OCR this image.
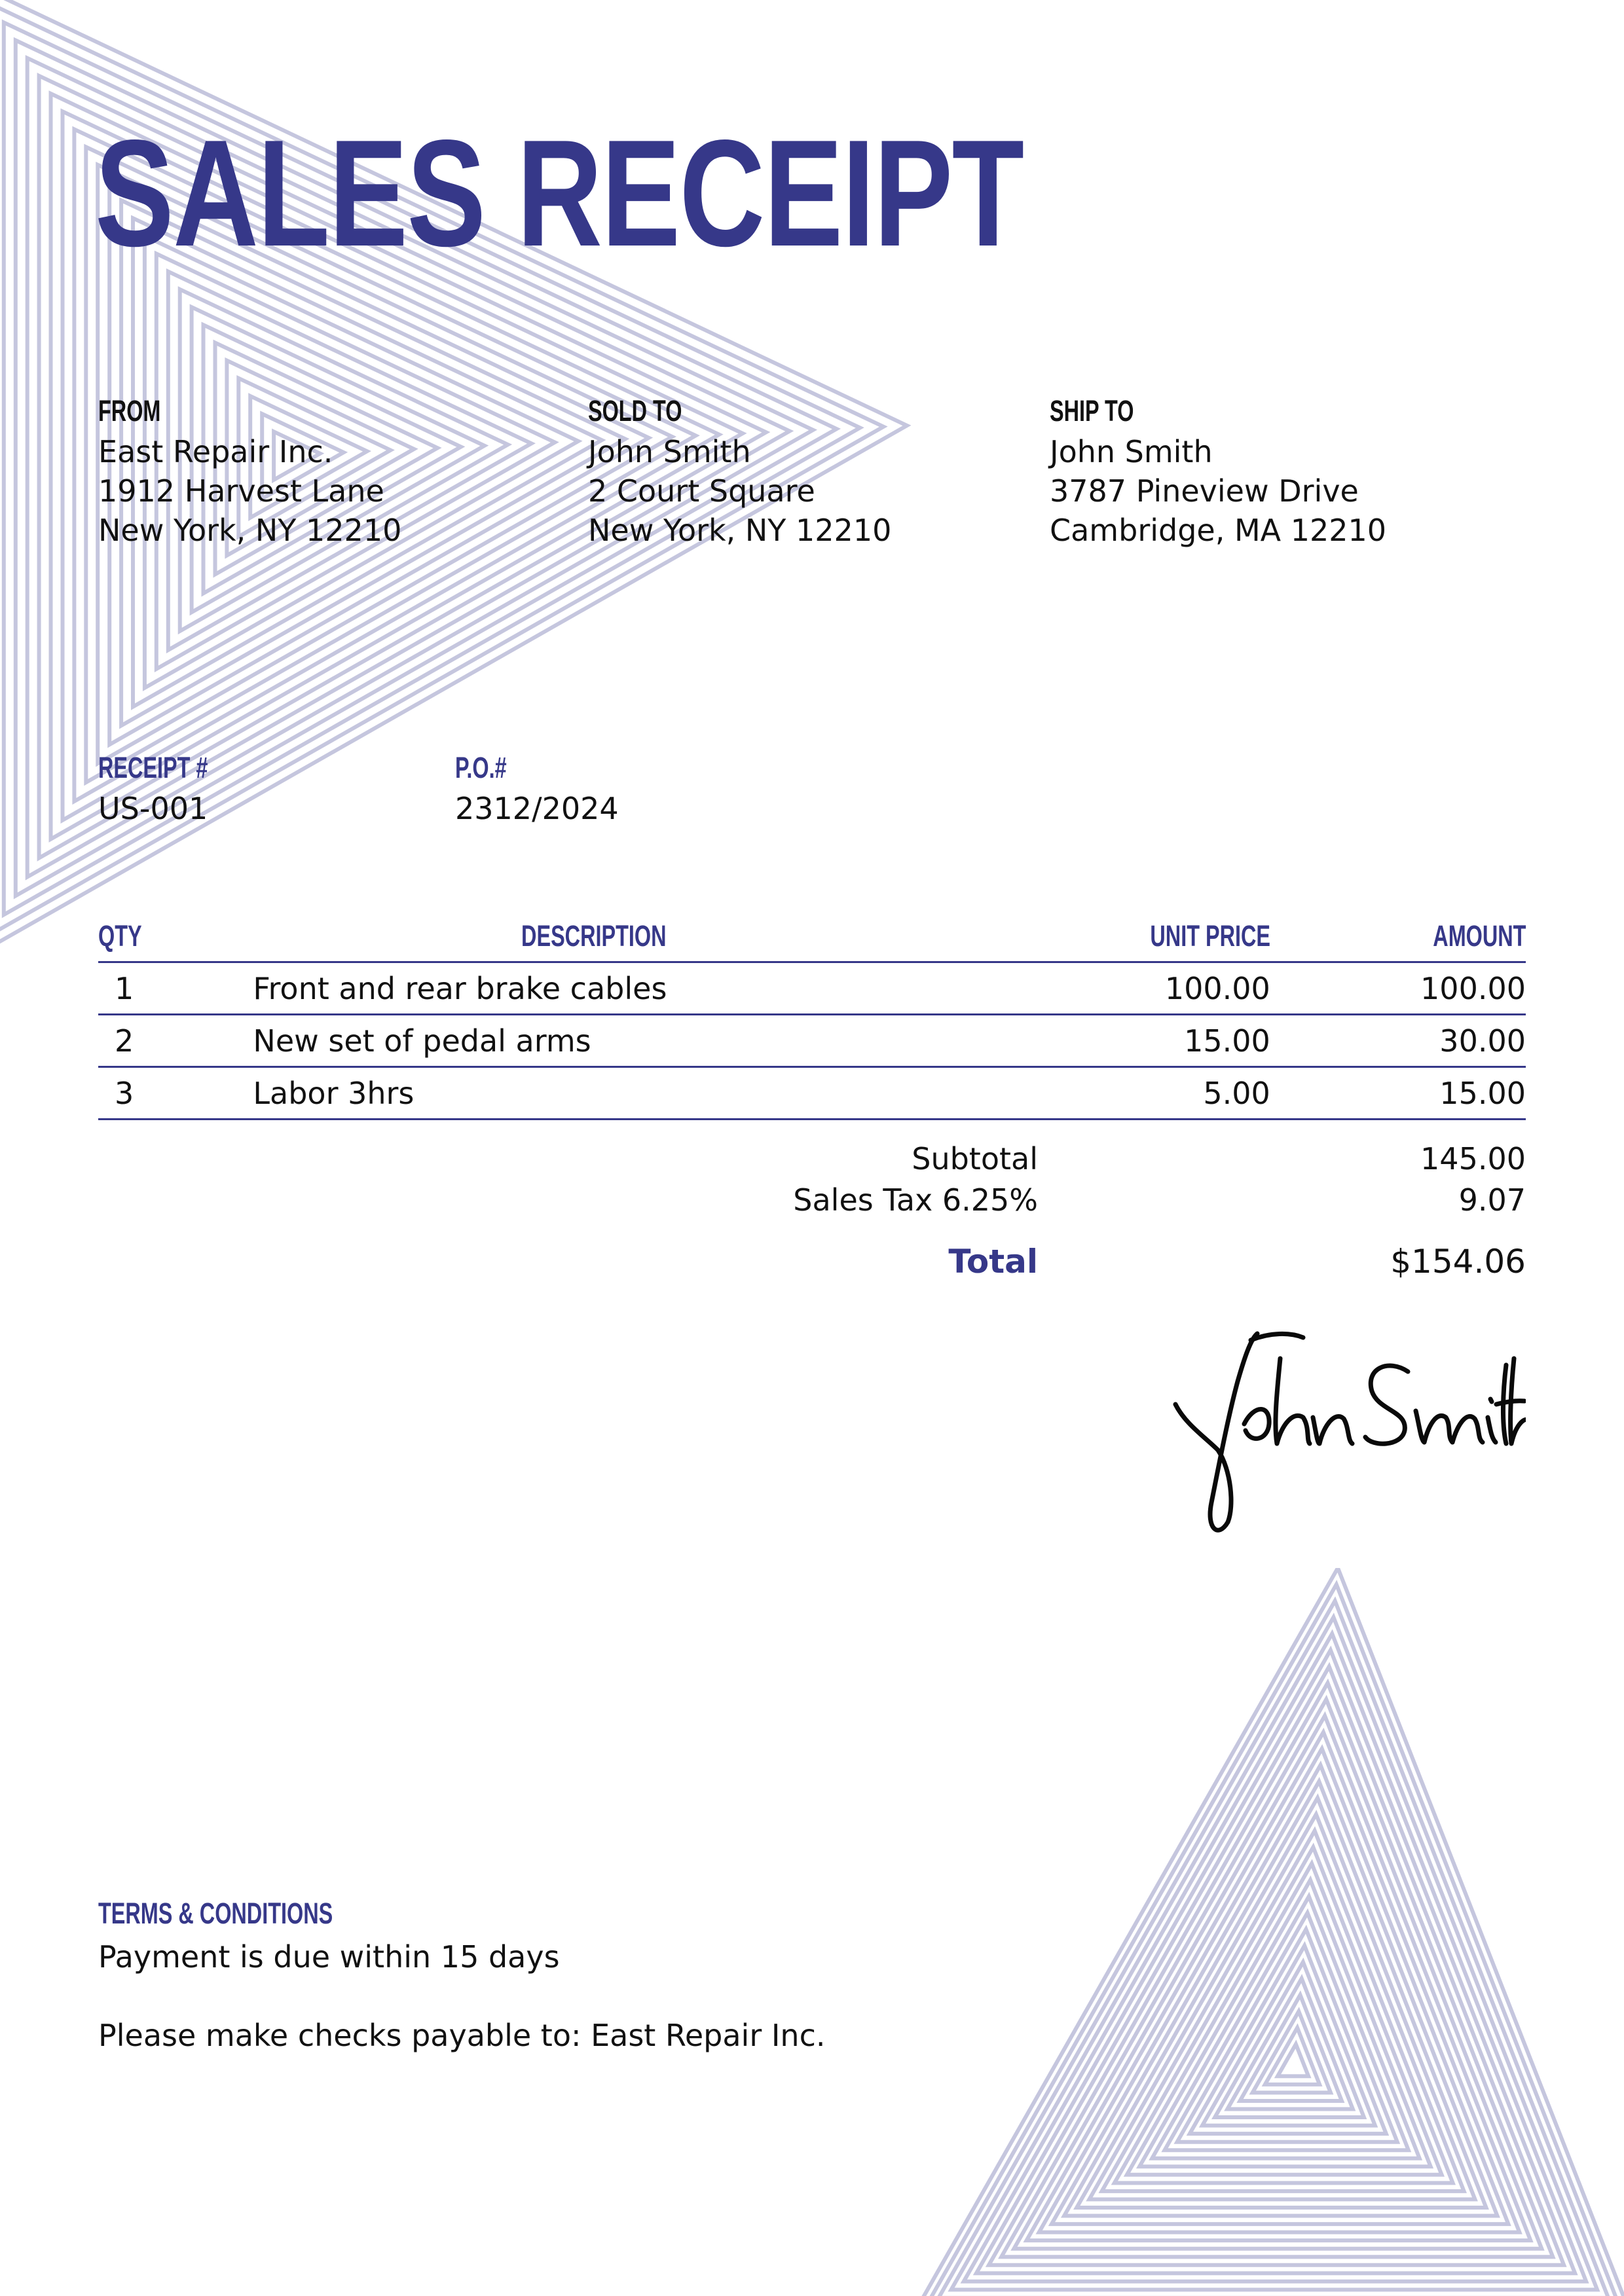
SALES RECEIPT
FROM
East Repair Inc.
1912 Harvest Lane
New York, NY 12210
SOLD TO
John Smith
2 Court Square
New York, NY 12210
SHIP TO
John Smith
3787 Pineview Drive
Cambridge, MA 12210
RECEIPT #
US-001
P.O.#
2312/2024
QTY	DESCRIPTION	UNIT PRICE	AMOUNT
1	Front and rear brake cables	100.00	100.00
2	New set of pedal arms	15.00	30.00
3	Labor 3hrs	5.00	15.00
Subtotal	145.00
Sales Tax 6.25%	9.07
Total	$154.06
TERMS & CONDITIONS
Payment is due within 15 days
Please make checks payable to: East Repair Inc.
